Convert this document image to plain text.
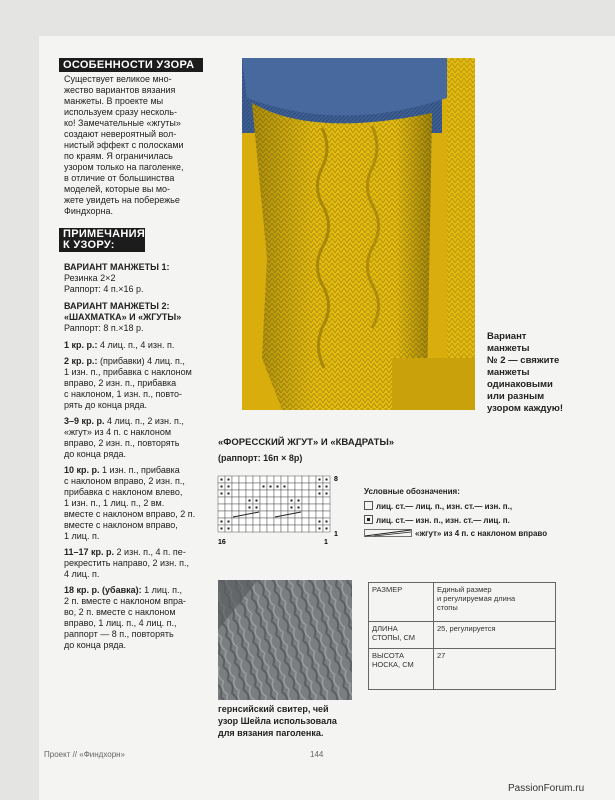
ОСОБЕННОСТИ УЗОРА
Существует великое мно-
жество вариантов вязания
манжеты. В проекте мы
используем сразу несколь-
ко! Замечательные «жгуты»
создают невероятный вол-
нистый эффект с полосками
по краям. Я ограничилась
узором только на паголенке,
в отличие от большинства
моделей, которые вы мо-
жете увидеть на побережье
Финдхорна.
ПРИМЕЧАНИЯ
К УЗОРУ:
ВАРИАНТ МАНЖЕТЫ 1:
Резинка 2×2
Раппорт: 4 п.×16 р.
ВАРИАНТ МАНЖЕТЫ 2:
«ШАХМАТКА» И «ЖГУТЫ»
Раппорт: 8 п.×18 р.
1 кр. р.: 4 лиц. п., 4 изн. п.
2 кр. р.: (прибавки) 4 лиц. п.,
1 изн. п., прибавка с наклоном
вправо, 2 изн. п., прибавка
с наклоном, 1 изн. п., повто-
рять до конца ряда.
3–9 кр. р. 4 лиц. п., 2 изн. п.,
«жгут» из 4 п. с наклоном
вправо, 2 изн. п., повторять
до конца ряда.
10 кр. р. 1 изн. п., прибавка
с наклоном вправо, 2 изн. п.,
прибавка с наклоном влево,
1 изн. п., 1 лиц. п., 2 вм.
вместе с наклоном вправо, 2 п.
вместе с наклоном вправо,
1 лиц. п.
11–17 кр. р. 2 изн. п., 4 п. пе-
рекрестить направо, 2 изн. п.,
4 лиц. п.
18 кр. р. (убавка): 1 лиц. п.,
2 п. вместе с наклоном впра-
во, 2 п. вместе с наклоном
вправо, 1 лиц. п., 4 лиц. п.,
раппорт — 8 п., повторять
до конца ряда.
Вариант
манжеты
№ 2 — свяжите
манжеты
одинаковыми
или разным
узором каждую!
«ФОРЕССКИЙ ЖГУТ» И «КВАДРАТЫ»
(раппорт: 16п × 8р)
8
1
16	1
Условные обозначения:
лиц. ст.— лиц. п., изн. ст.— изн. п.,
лиц. ст.— изн. п., изн. ст.— лиц. п.
«жгут» из 4 п. с наклоном вправо
гернсийский свитер, чей
узор Шейла использовала
для вязания паголенка.
РАЗМЕР	Единый размер
и регулируемая длина
стопы
ДЛИНА
СТОПЫ, СМ	25, регулируется
ВЫСОТА
НОСКА, СМ	27
Проект // «Финдхорн»	144
PassionForum.ru
